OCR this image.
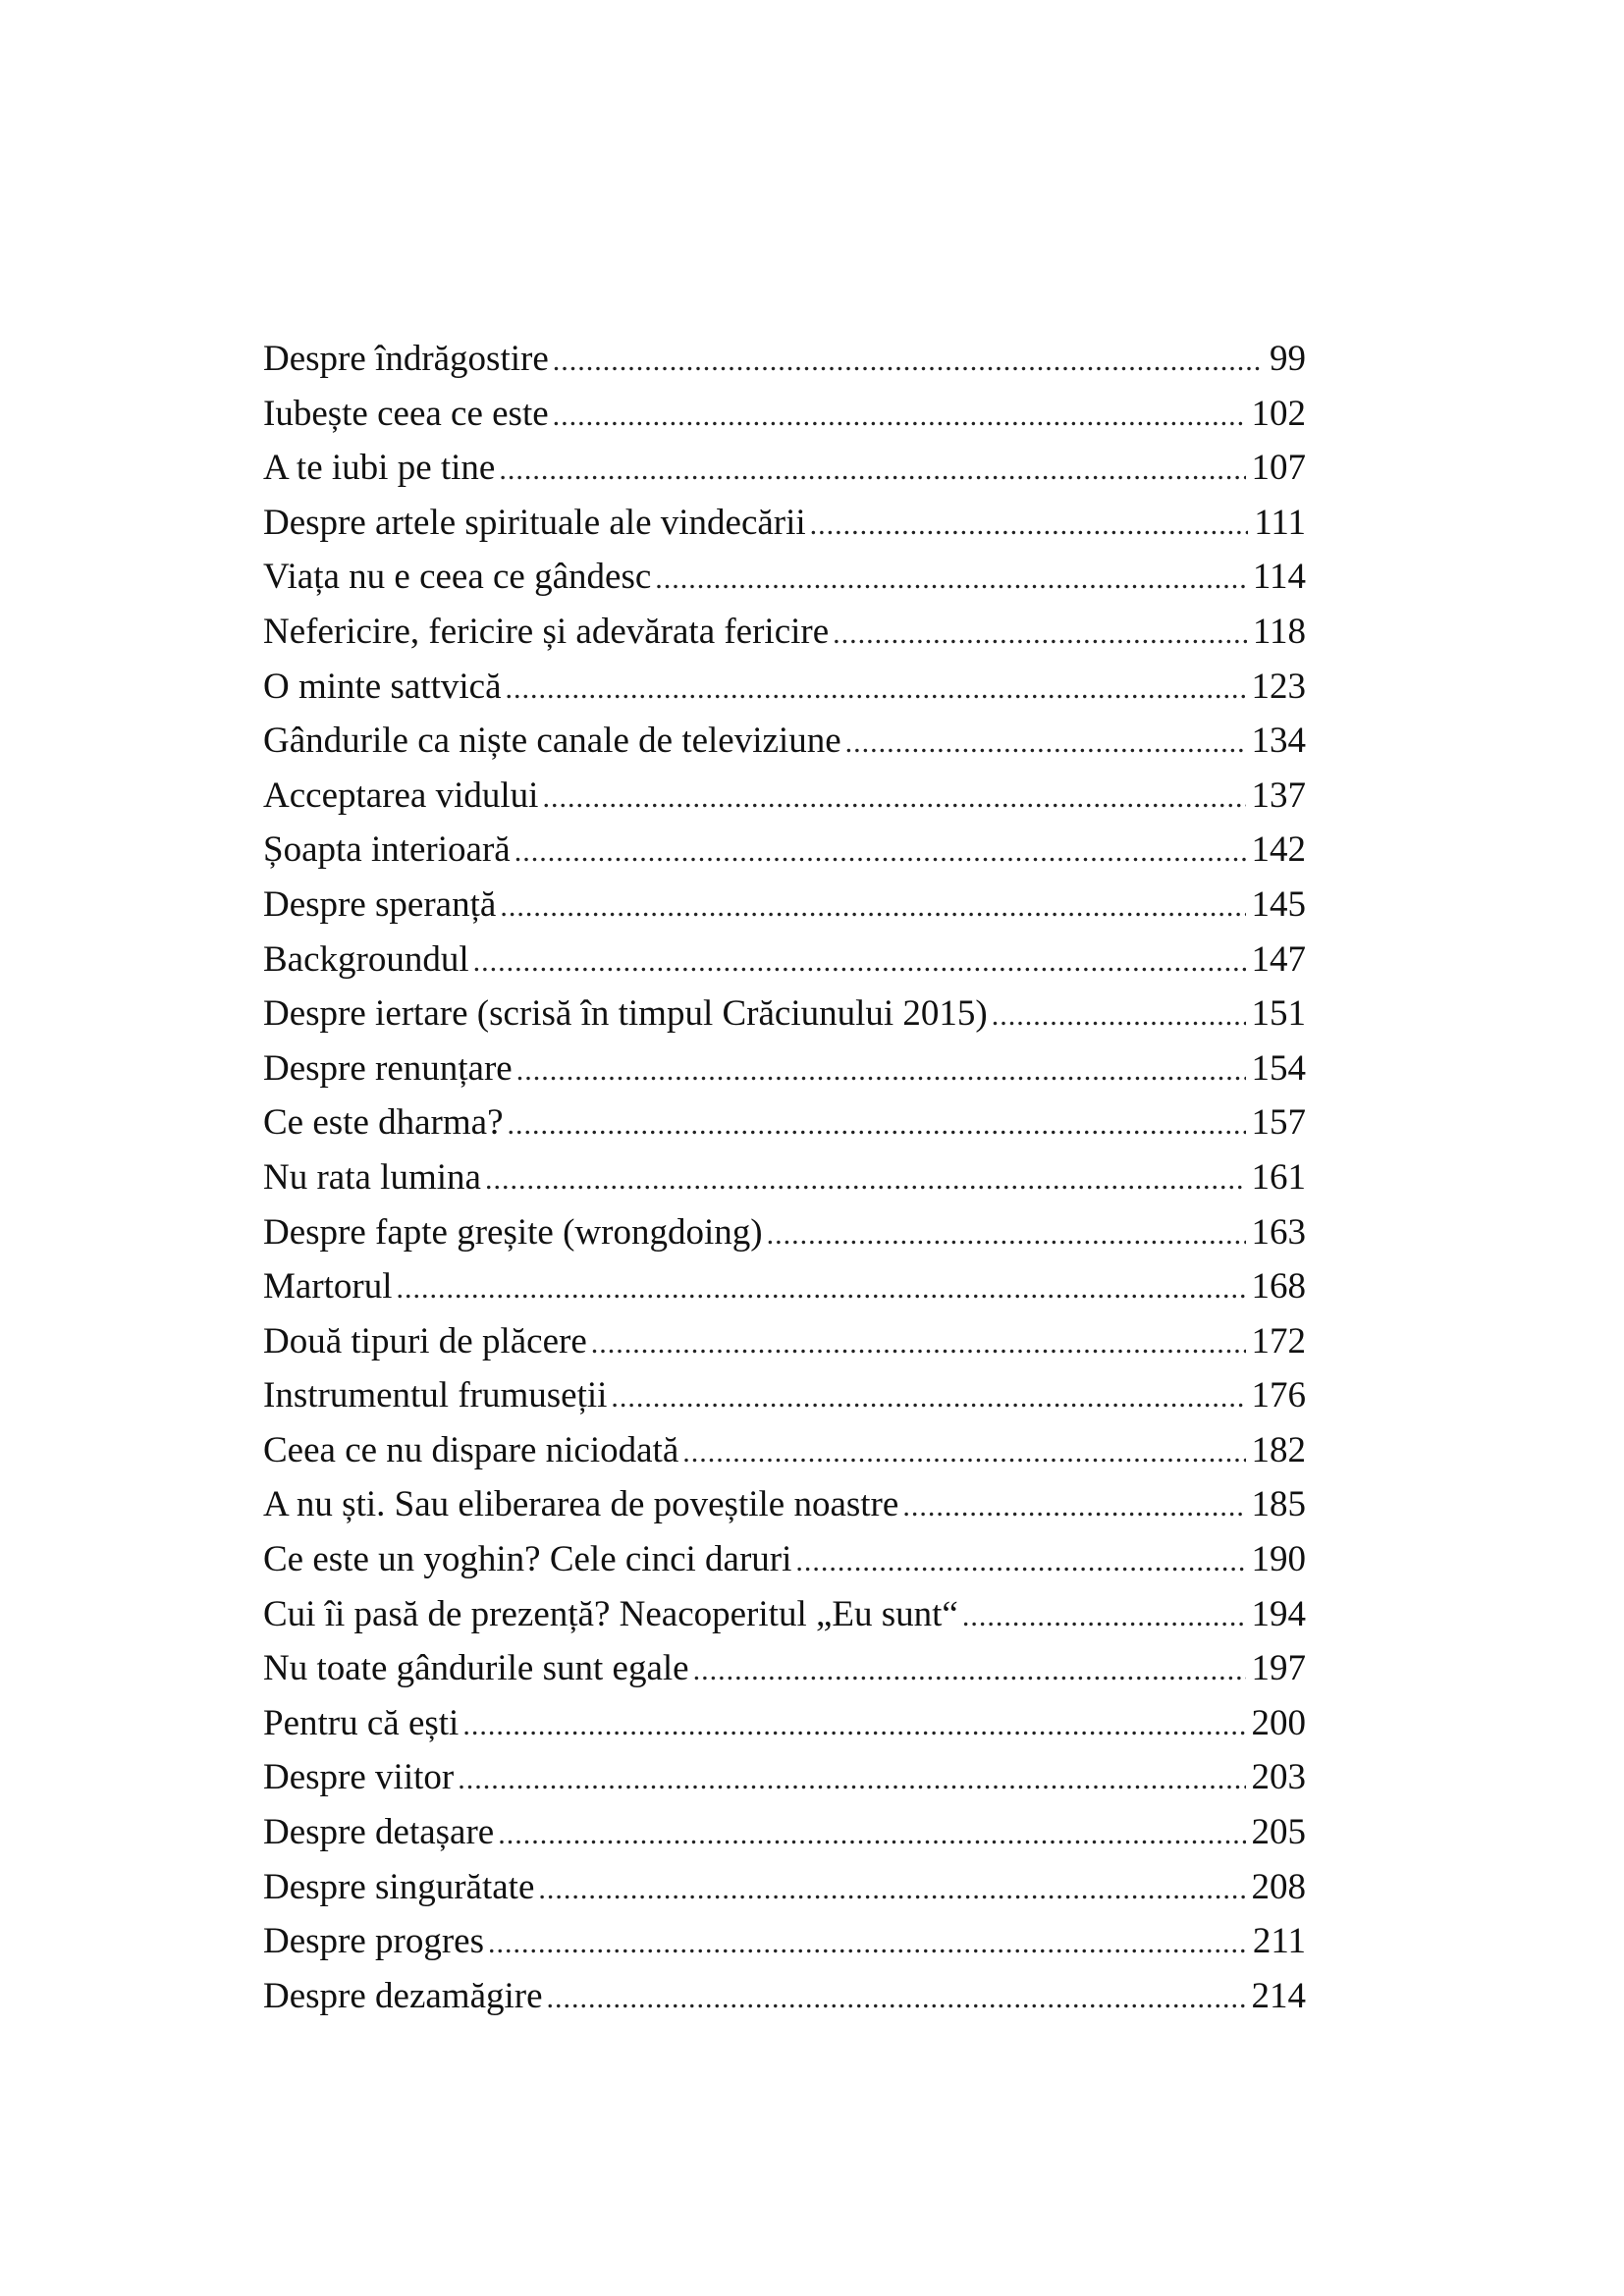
Despre îndrăgostire .....	99
Iubește ceea ce este .....	102
A te iubi pe tine .....	107
Despre artele spirituale ale vindecării .....	111
Viața nu e ceea ce gândesc .....	114
Nefericire, fericire și adevărata fericire .....	118
O minte sattvică .....	123
Gândurile ca niște canale de televiziune .....	134
Acceptarea vidului .....	137
Șoapta interioară .....	142
Despre speranță .....	145
Backgroundul .....	147
Despre iertare (scrisă în timpul Crăciunului 2015) .....	151
Despre renunțare .....	154
Ce este dharma? .....	157
Nu rata lumina .....	161
Despre fapte greșite (wrongdoing) .....	163
Martorul .....	168
Două tipuri de plăcere .....	172
Instrumentul frumuseții .....	176
Ceea ce nu dispare niciodată .....	182
A nu ști. Sau eliberarea de poveștile noastre .....	185
Ce este un yoghin? Cele cinci daruri .....	190
Cui îi pasă de prezență? Neacoperitul „Eu sunt“ .....	194
Nu toate gândurile sunt egale .....	197
Pentru că ești .....	200
Despre viitor .....	203
Despre detașare .....	205
Despre singurătate .....	208
Despre progres .....	211
Despre dezamăgire .....	214
